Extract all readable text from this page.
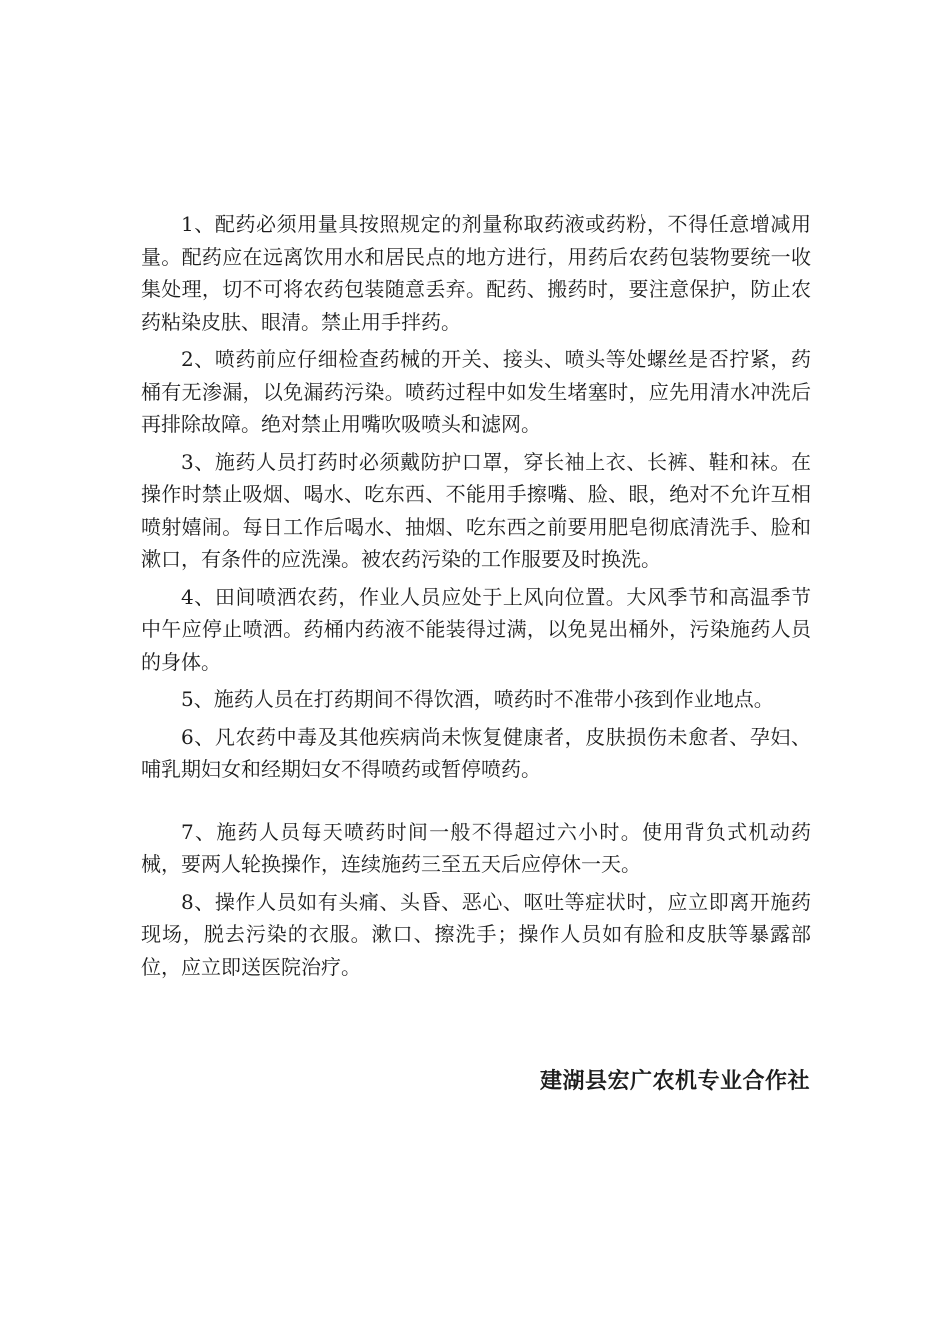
1、配药必须用量具按照规定的剂量称取药液或药粉，不得任意增减用量。配药应在远离饮用水和居民点的地方进行，用药后农药包装物要统一收集处理，切不可将农药包装随意丢弃。配药、搬药时，要注意保护，防止农药粘染皮肤、眼清。禁止用手拌药。

2、喷药前应仔细检查药械的开关、接头、喷头等处螺丝是否拧紧，药桶有无渗漏，以免漏药污染。喷药过程中如发生堵塞时，应先用清水冲洗后再排除故障。绝对禁止用嘴吹吸喷头和滤网。

3、施药人员打药时必须戴防护口罩，穿长袖上衣、长裤、鞋和袜。在操作时禁止吸烟、喝水、吃东西、不能用手擦嘴、脸、眼，绝对不允许互相喷射嬉闹。每日工作后喝水、抽烟、吃东西之前要用肥皂彻底清洗手、脸和漱口，有条件的应洗澡。被农药污染的工作服要及时换洗。

4、田间喷洒农药，作业人员应处于上风向位置。大风季节和高温季节中午应停止喷洒。药桶内药液不能装得过满，以免晃出桶外，污染施药人员的身体。

5、施药人员在打药期间不得饮酒，喷药时不准带小孩到作业地点。

6、凡农药中毒及其他疾病尚未恢复健康者，皮肤损伤未愈者、孕妇、哺乳期妇女和经期妇女不得喷药或暂停喷药。

7、施药人员每天喷药时间一般不得超过六小时。使用背负式机动药械，要两人轮换操作，连续施药三至五天后应停休一天。

8、操作人员如有头痛、头昏、恶心、呕吐等症状时，应立即离开施药现场，脱去污染的衣服。漱口、擦洗手；操作人员如有脸和皮肤等暴露部位，应立即送医院治疗。

建湖县宏广农机专业合作社
